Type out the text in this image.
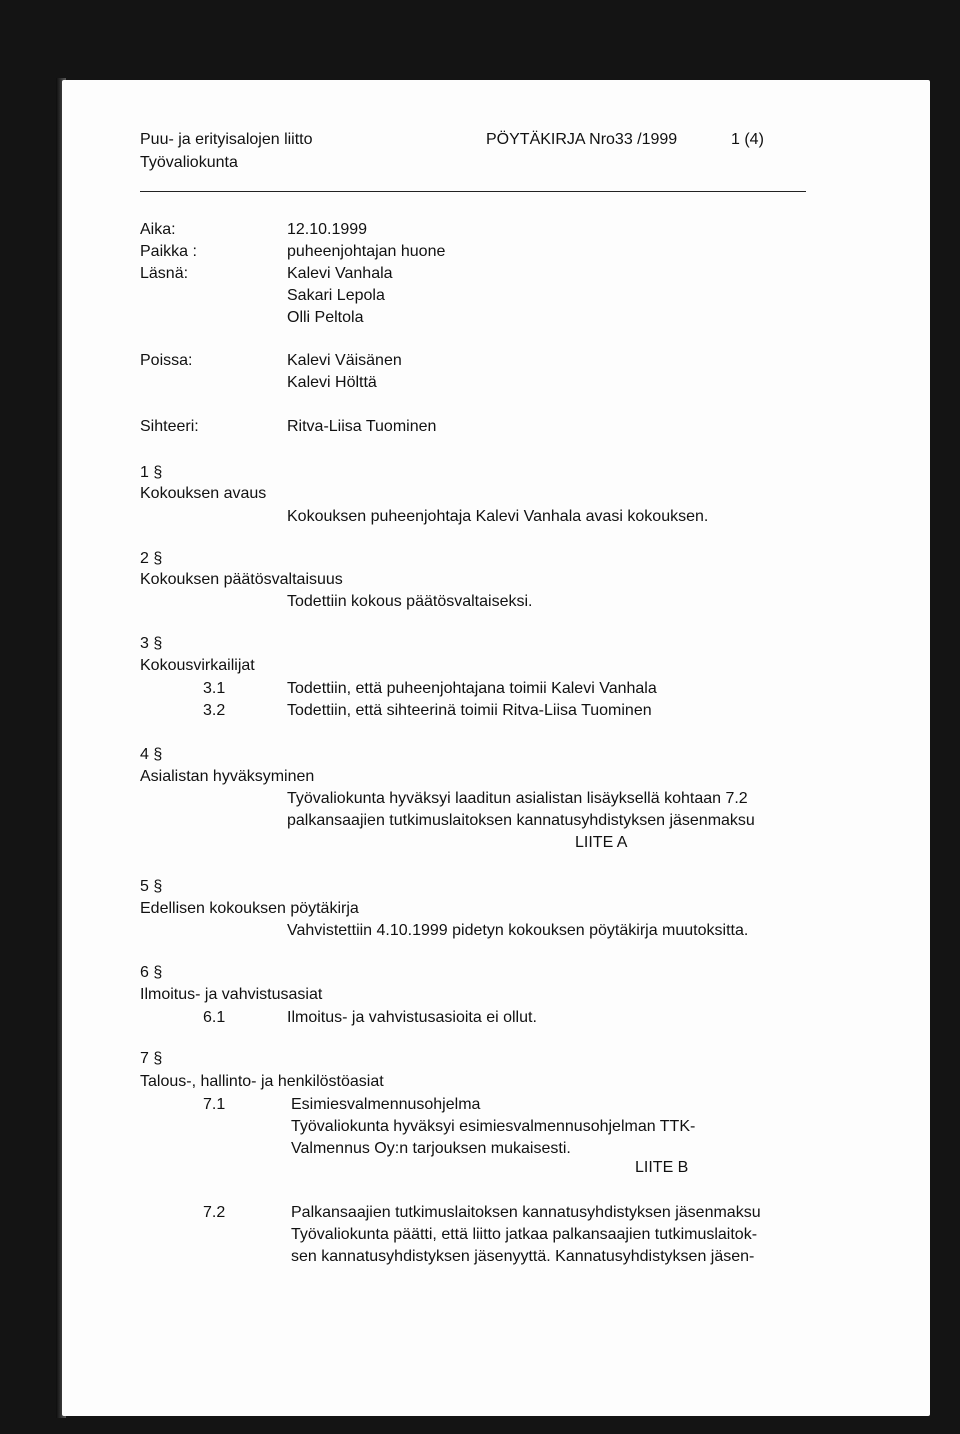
Puu- ja erityisalojen liitto
Työvaliokunta
PÖYTÄKIRJA Nro33 /1999	1 (4)
Aika:	12.10.1999
Paikka :	puheenjohtajan huone
Läsnä:	Kalevi Vanhala
Sakari Lepola
Olli Peltola
Poissa:	Kalevi Väisänen
Kalevi Hölttä
Sihteeri:	Ritva-Liisa Tuominen
1 §
Kokouksen avaus
Kokouksen puheenjohtaja Kalevi Vanhala avasi kokouksen.
2 §
Kokouksen päätösvaltaisuus
Todettiin kokous päätösvaltaiseksi.
3 §
Kokousvirkailijat
3.1	Todettiin, että puheenjohtajana toimii Kalevi Vanhala
3.2	Todettiin, että sihteerinä toimii Ritva-Liisa Tuominen
4 §
Asialistan hyväksyminen
Työvaliokunta hyväksyi laaditun asialistan lisäyksellä kohtaan 7.2
palkansaajien tutkimuslaitoksen kannatusyhdistyksen jäsenmaksu
LIITE A
5 §
Edellisen kokouksen pöytäkirja
Vahvistettiin 4.10.1999 pidetyn kokouksen pöytäkirja muutoksitta.
6 §
Ilmoitus- ja vahvistusasiat
6.1	Ilmoitus- ja vahvistusasioita ei ollut.
7 §
Talous-, hallinto- ja henkilöstöasiat
7.1	Esimiesvalmennusohjelma
Työvaliokunta hyväksyi esimiesvalmennusohjelman TTK-
Valmennus Oy:n tarjouksen mukaisesti.
LIITE B
7.2	Palkansaajien tutkimuslaitoksen kannatusyhdistyksen jäsenmaksu
Työvaliokunta päätti, että liitto jatkaa palkansaajien tutkimuslaitok-
sen kannatusyhdistyksen jäsenyyttä. Kannatusyhdistyksen jäsen-
